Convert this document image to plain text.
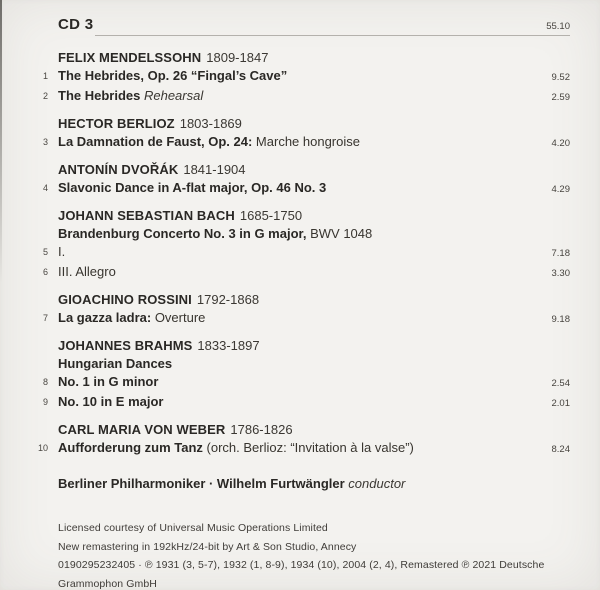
CD 3	55.10
FELIX MENDELSSOHN 1809-1847
1 The Hebrides, Op. 26 “Fingal’s Cave”	9.52
2 The Hebrides Rehearsal	2.59
HECTOR BERLIOZ 1803-1869
3 La Damnation de Faust, Op. 24: Marche hongroise	4.20
ANTONÍN DVOŘÁK 1841-1904
4 Slavonic Dance in A-flat major, Op. 46 No. 3	4.29
JOHANN SEBASTIAN BACH 1685-1750
Brandenburg Concerto No. 3 in G major, BWV 1048
5 I.	7.18
6 III. Allegro	3.30
GIOACHINO ROSSINI 1792-1868
7 La gazza ladra: Overture	9.18
JOHANNES BRAHMS 1833-1897
Hungarian Dances
8 No. 1 in G minor	2.54
9 No. 10 in E major	2.01
CARL MARIA VON WEBER 1786-1826
10 Aufforderung zum Tanz (orch. Berlioz: “Invitation à la valse”)	8.24
Berliner Philharmoniker · Wilhelm Furtwängler conductor
Licensed courtesy of Universal Music Operations Limited
New remastering in 192kHz/24-bit by Art & Son Studio, Annecy
0190295232405 · ℗ 1931 (3, 5-7), 1932 (1, 8-9), 1934 (10), 2004 (2, 4), Remastered ℗ 2021 Deutsche
Grammophon GmbH
